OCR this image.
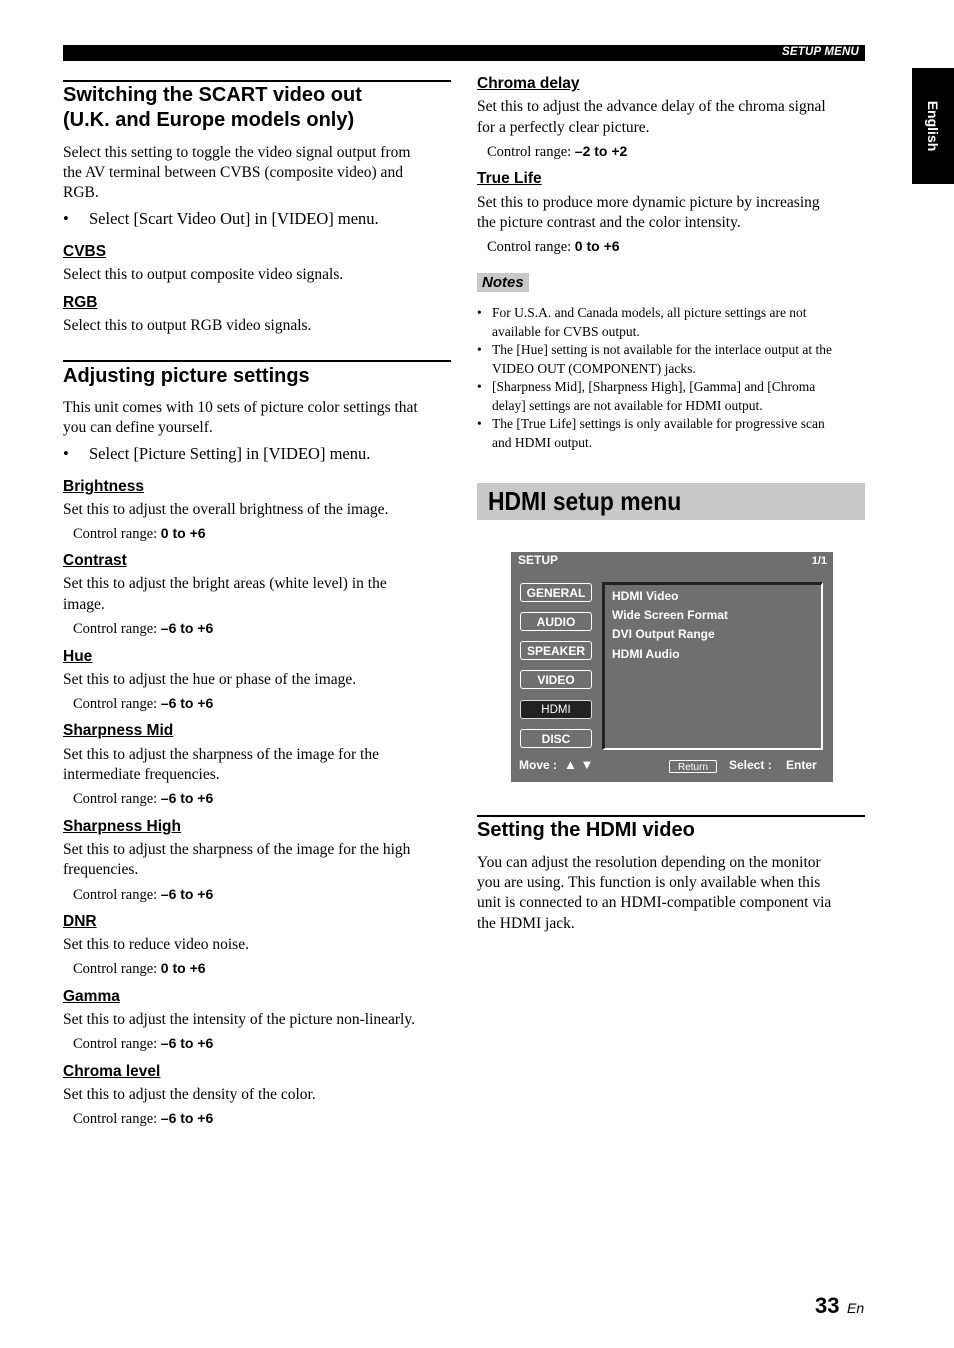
SETUP MENU
English
Switching the SCART video out
(U.K. and Europe models only)
Select this setting to toggle the video signal output from
the AV terminal between CVBS (composite video) and
RGB.
• Select [Scart Video Out] in [VIDEO] menu.
CVBS
Select this to output composite video signals.
RGB
Select this to output RGB video signals.
Adjusting picture settings
This unit comes with 10 sets of picture color settings that
you can define yourself.
• Select [Picture Setting] in [VIDEO] menu.
Brightness
Set this to adjust the overall brightness of the image.
Control range: 0 to +6
Contrast
Set this to adjust the bright areas (white level) in the
image.
Control range: –6 to +6
Hue
Set this to adjust the hue or phase of the image.
Control range: –6 to +6
Sharpness Mid
Set this to adjust the sharpness of the image for the
intermediate frequencies.
Control range: –6 to +6
Sharpness High
Set this to adjust the sharpness of the image for the high
frequencies.
Control range: –6 to +6
DNR
Set this to reduce video noise.
Control range: 0 to +6
Gamma
Set this to adjust the intensity of the picture non-linearly.
Control range: –6 to +6
Chroma level
Set this to adjust the density of the color.
Control range: –6 to +6
Chroma delay
Set this to adjust the advance delay of the chroma signal
for a perfectly clear picture.
Control range: –2 to +2
True Life
Set this to produce more dynamic picture by increasing
the picture contrast and the color intensity.
Control range: 0 to +6
Notes
• For U.S.A. and Canada models, all picture settings are not
available for CVBS output.
• The [Hue] setting is not available for the interlace output at the
VIDEO OUT (COMPONENT) jacks.
• [Sharpness Mid], [Sharpness High], [Gamma] and [Chroma
delay] settings are not available for HDMI output.
• The [True Life] settings is only available for progressive scan
and HDMI output.
HDMI setup menu
SETUP	1/1
GENERAL
AUDIO
SPEAKER
VIDEO
HDMI
DISC
HDMI Video
Wide Screen Format
DVI Output Range
HDMI Audio
Move : ▲ ▼	Return	Select : Enter
Setting the HDMI video
You can adjust the resolution depending on the monitor
you are using. This function is only available when this
unit is connected to an HDMI-compatible component via
the HDMI jack.
33 En
